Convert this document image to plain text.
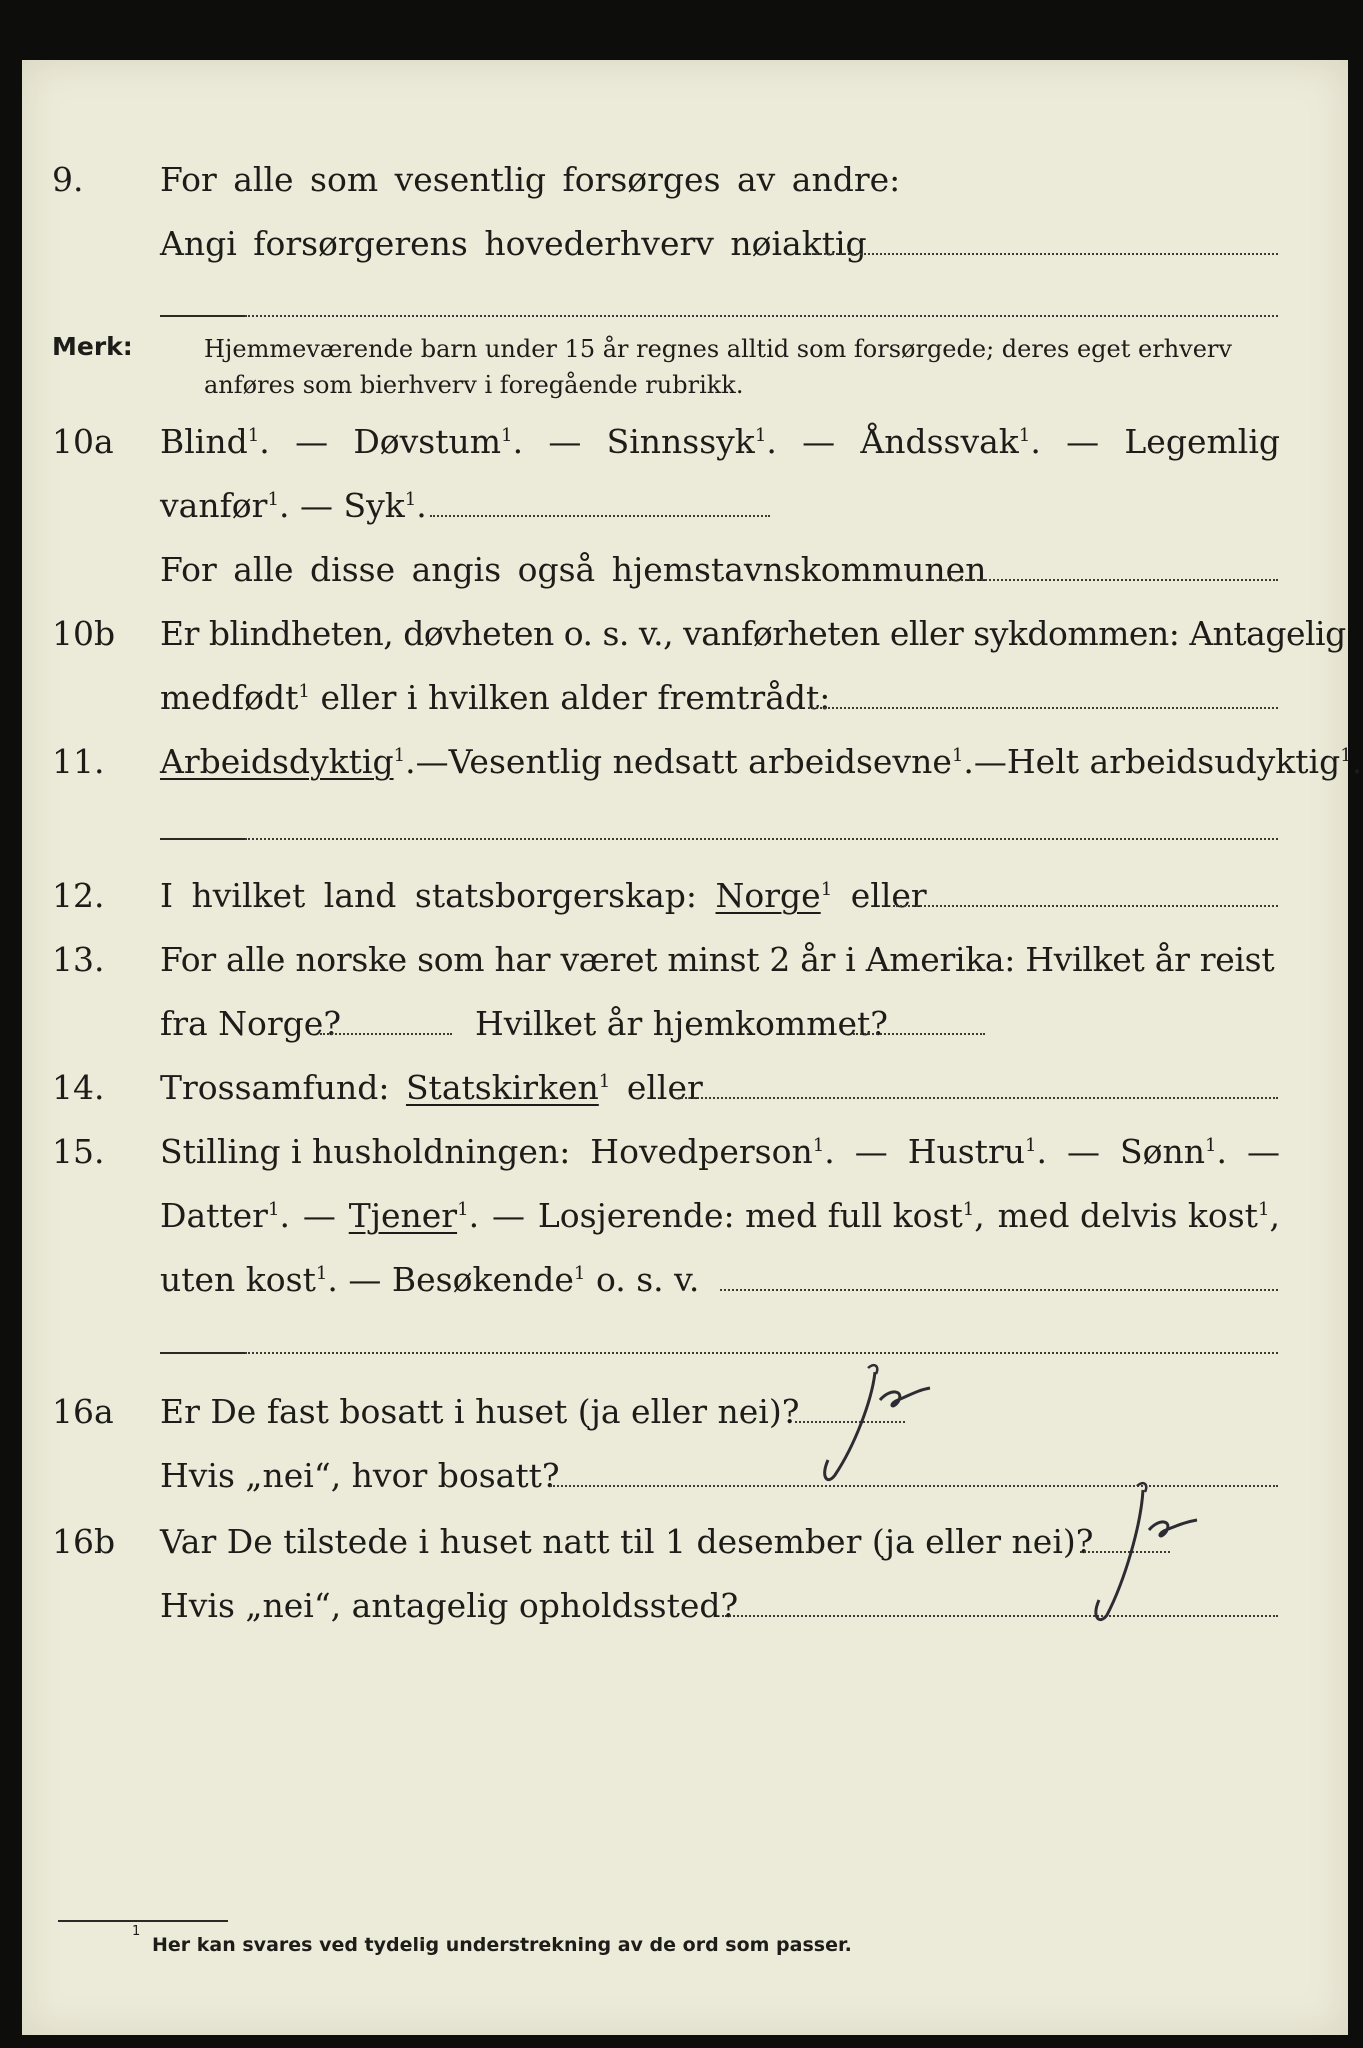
9. For alle som vesentlig forsørges av andre:
Angi forsørgerens hovederhverv nøiaktig
Merk:	Hjemmeværende barn under 15 år regnes alltid som forsørgede; deres eget erhverv
anføres som bierhverv i foregående rubrikk.
10a Blind$^1$. — Døvstum$^1$. — Sinnssyk$^1$. — Åndssvak$^1$. — Legemlig
vanfør$^1$. — Syk$^1$.
For alle disse angis også hjemstavnskommunen
10b Er blindheten, døvheten o. s. v., vanførheten eller sykdommen: Antagelig
medfødt$^1$ eller i hvilken alder fremtrådt:
11. Arbeidsdyktig$^1$. — Vesentlig nedsatt arbeidsevne$^1$. — Helt arbeidsudyktig$^1$.
12. I hvilket land statsborgerskap: Norge$^1$ eller
13. For alle norske som har været minst 2 år i Amerika: Hvilket år reist
fra Norge?	Hvilket år hjemkommet?
14. Trossamfund: Statskirken$^1$ eller
15. Stilling i husholdningen: Hovedperson$^1$. — Hustru$^1$. — Sønn$^1$. —
Datter$^1$. — Tjener$^1$. — Losjerende: med full kost$^1$, med delvis kost$^1$,
uten kost$^1$. — Besøkende$^1$ o. s. v.
16a Er De fast bosatt i huset (ja eller nei)?
Hvis „nei“, hvor bosatt?
16b Var De tilstede i huset natt til 1 desember (ja eller nei)?
Hvis „nei“, antagelig opholdssted?
1
Her kan svares ved tydelig understrekning av de ord som passer.
